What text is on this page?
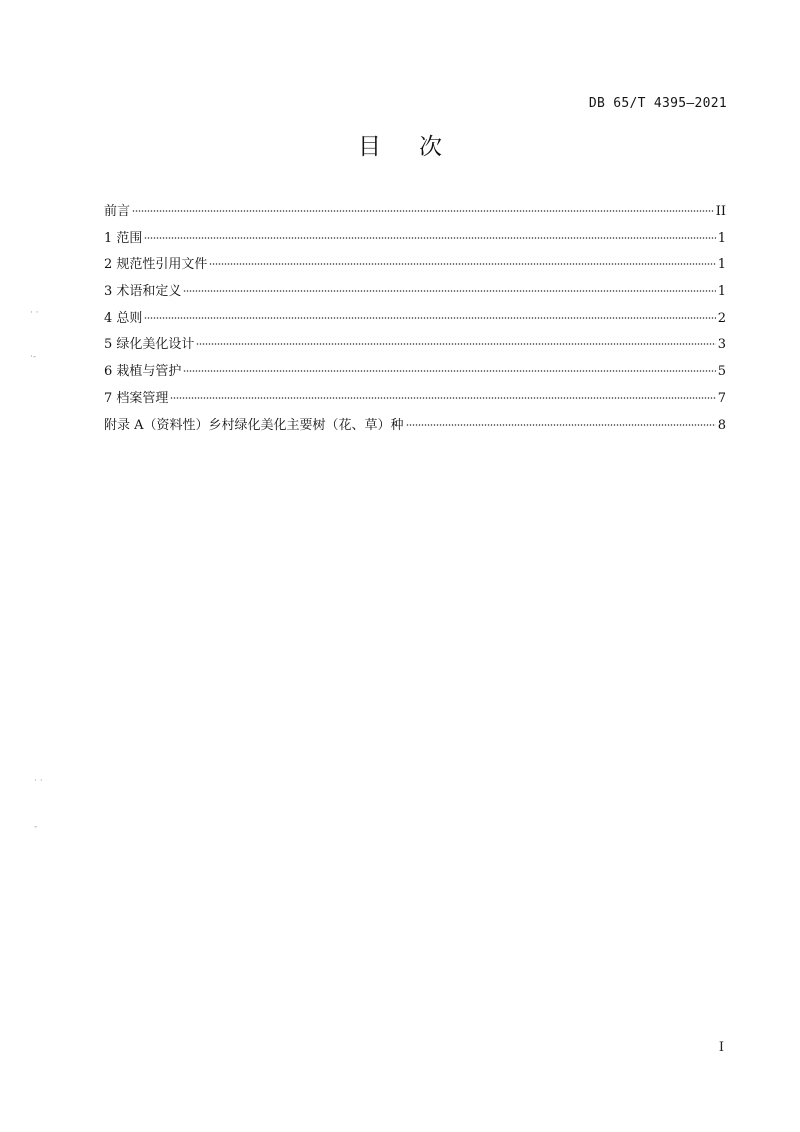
DB 65/T 4395—2021
目 次
前言	II
1 范围	1
2 规范性引用文件	1
3 术语和定义	1
4 总则	2
5 绿化美化设计	3
6 栽植与管护	5
7 档案管理	7
附录 A（资料性）乡村绿化美化主要树（花、草）种	8
I
· ·
·-
· ·
-
